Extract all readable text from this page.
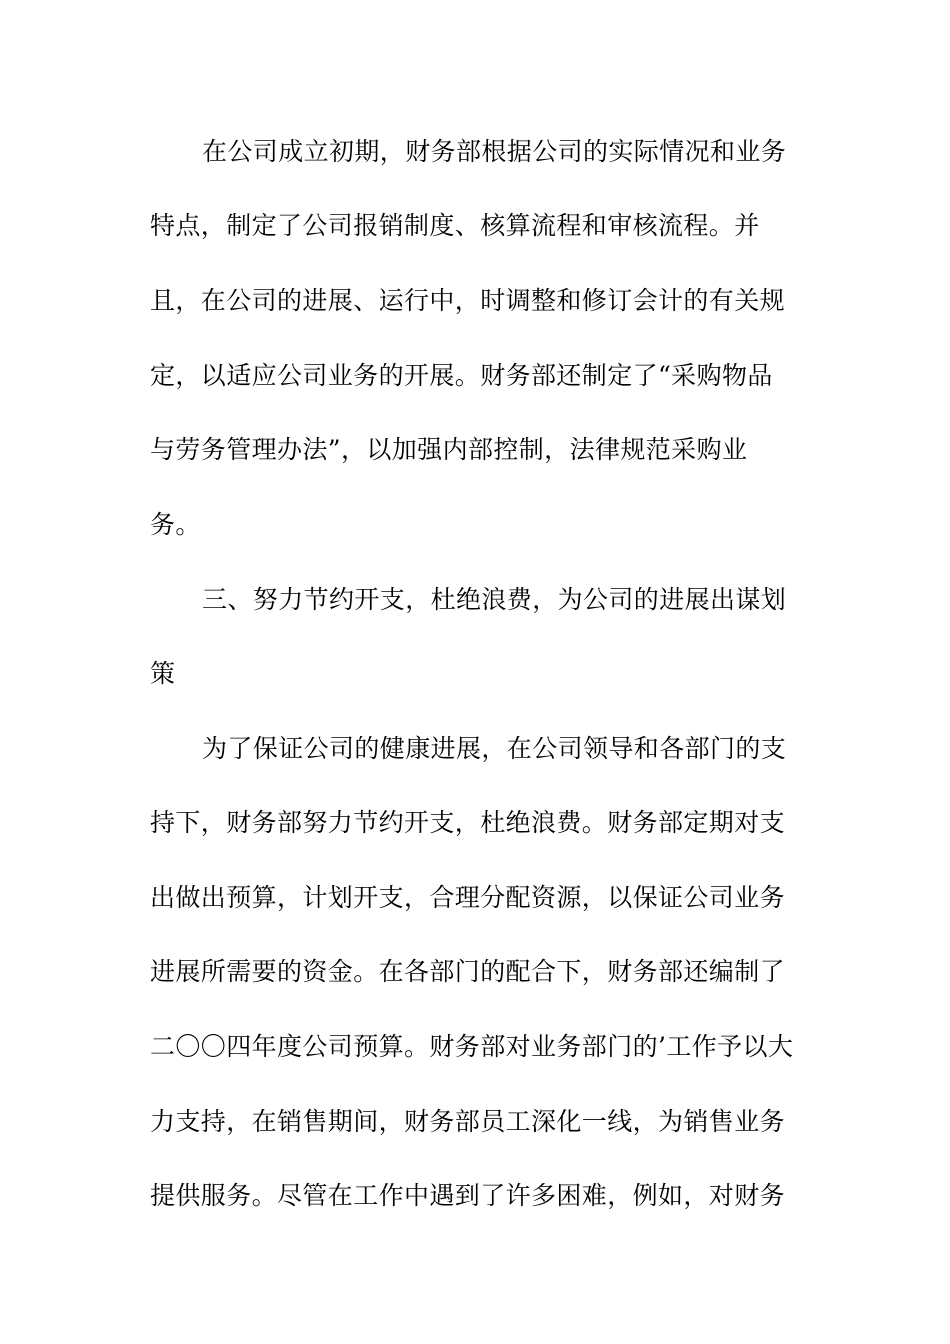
在公司成立初期，财务部根据公司的实际情况和业务
特点，制定了公司报销制度、核算流程和审核流程。并
且，在公司的进展、运行中，时调整和修订会计的有关规
定，以适应公司业务的开展。财务部还制定了“采购物品
与劳务管理办法”，以加强内部控制，法律规范采购业
务。
三、努力节约开支，杜绝浪费，为公司的进展出谋划
策
为了保证公司的健康进展，在公司领导和各部门的支
持下，财务部努力节约开支，杜绝浪费。财务部定期对支
出做出预算，计划开支，合理分配资源，以保证公司业务
进展所需要的资金。在各部门的配合下，财务部还编制了
二〇〇四年度公司预算。财务部对业务部门的’工作予以大
力支持，在销售期间，财务部员工深化一线，为销售业务
提供服务。尽管在工作中遇到了许多困难，例如，对财务
